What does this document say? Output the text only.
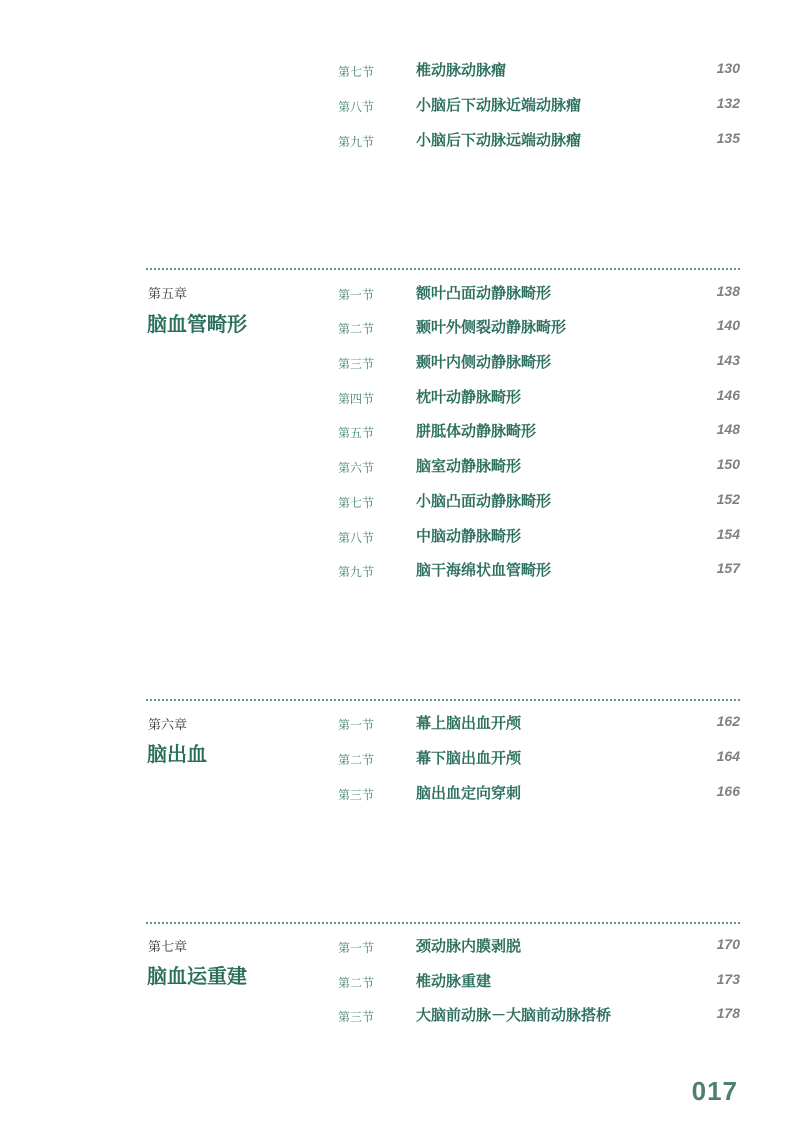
第七节	椎动脉动脉瘤	130
第八节	小脑后下动脉近端动脉瘤	132
第九节	小脑后下动脉远端动脉瘤	135
第五章
脑血管畸形
第一节	额叶凸面动静脉畸形	138
第二节	颞叶外侧裂动静脉畸形	140
第三节	颞叶内侧动静脉畸形	143
第四节	枕叶动静脉畸形	146
第五节	胼胝体动静脉畸形	148
第六节	脑室动静脉畸形	150
第七节	小脑凸面动静脉畸形	152
第八节	中脑动静脉畸形	154
第九节	脑干海绵状血管畸形	157
第六章
脑出血
第一节	幕上脑出血开颅	162
第二节	幕下脑出血开颅	164
第三节	脑出血定向穿刺	166
第七章
脑血运重建
第一节	颈动脉内膜剥脱	170
第二节	椎动脉重建	173
第三节	大脑前动脉－大脑前动脉搭桥	178
017
